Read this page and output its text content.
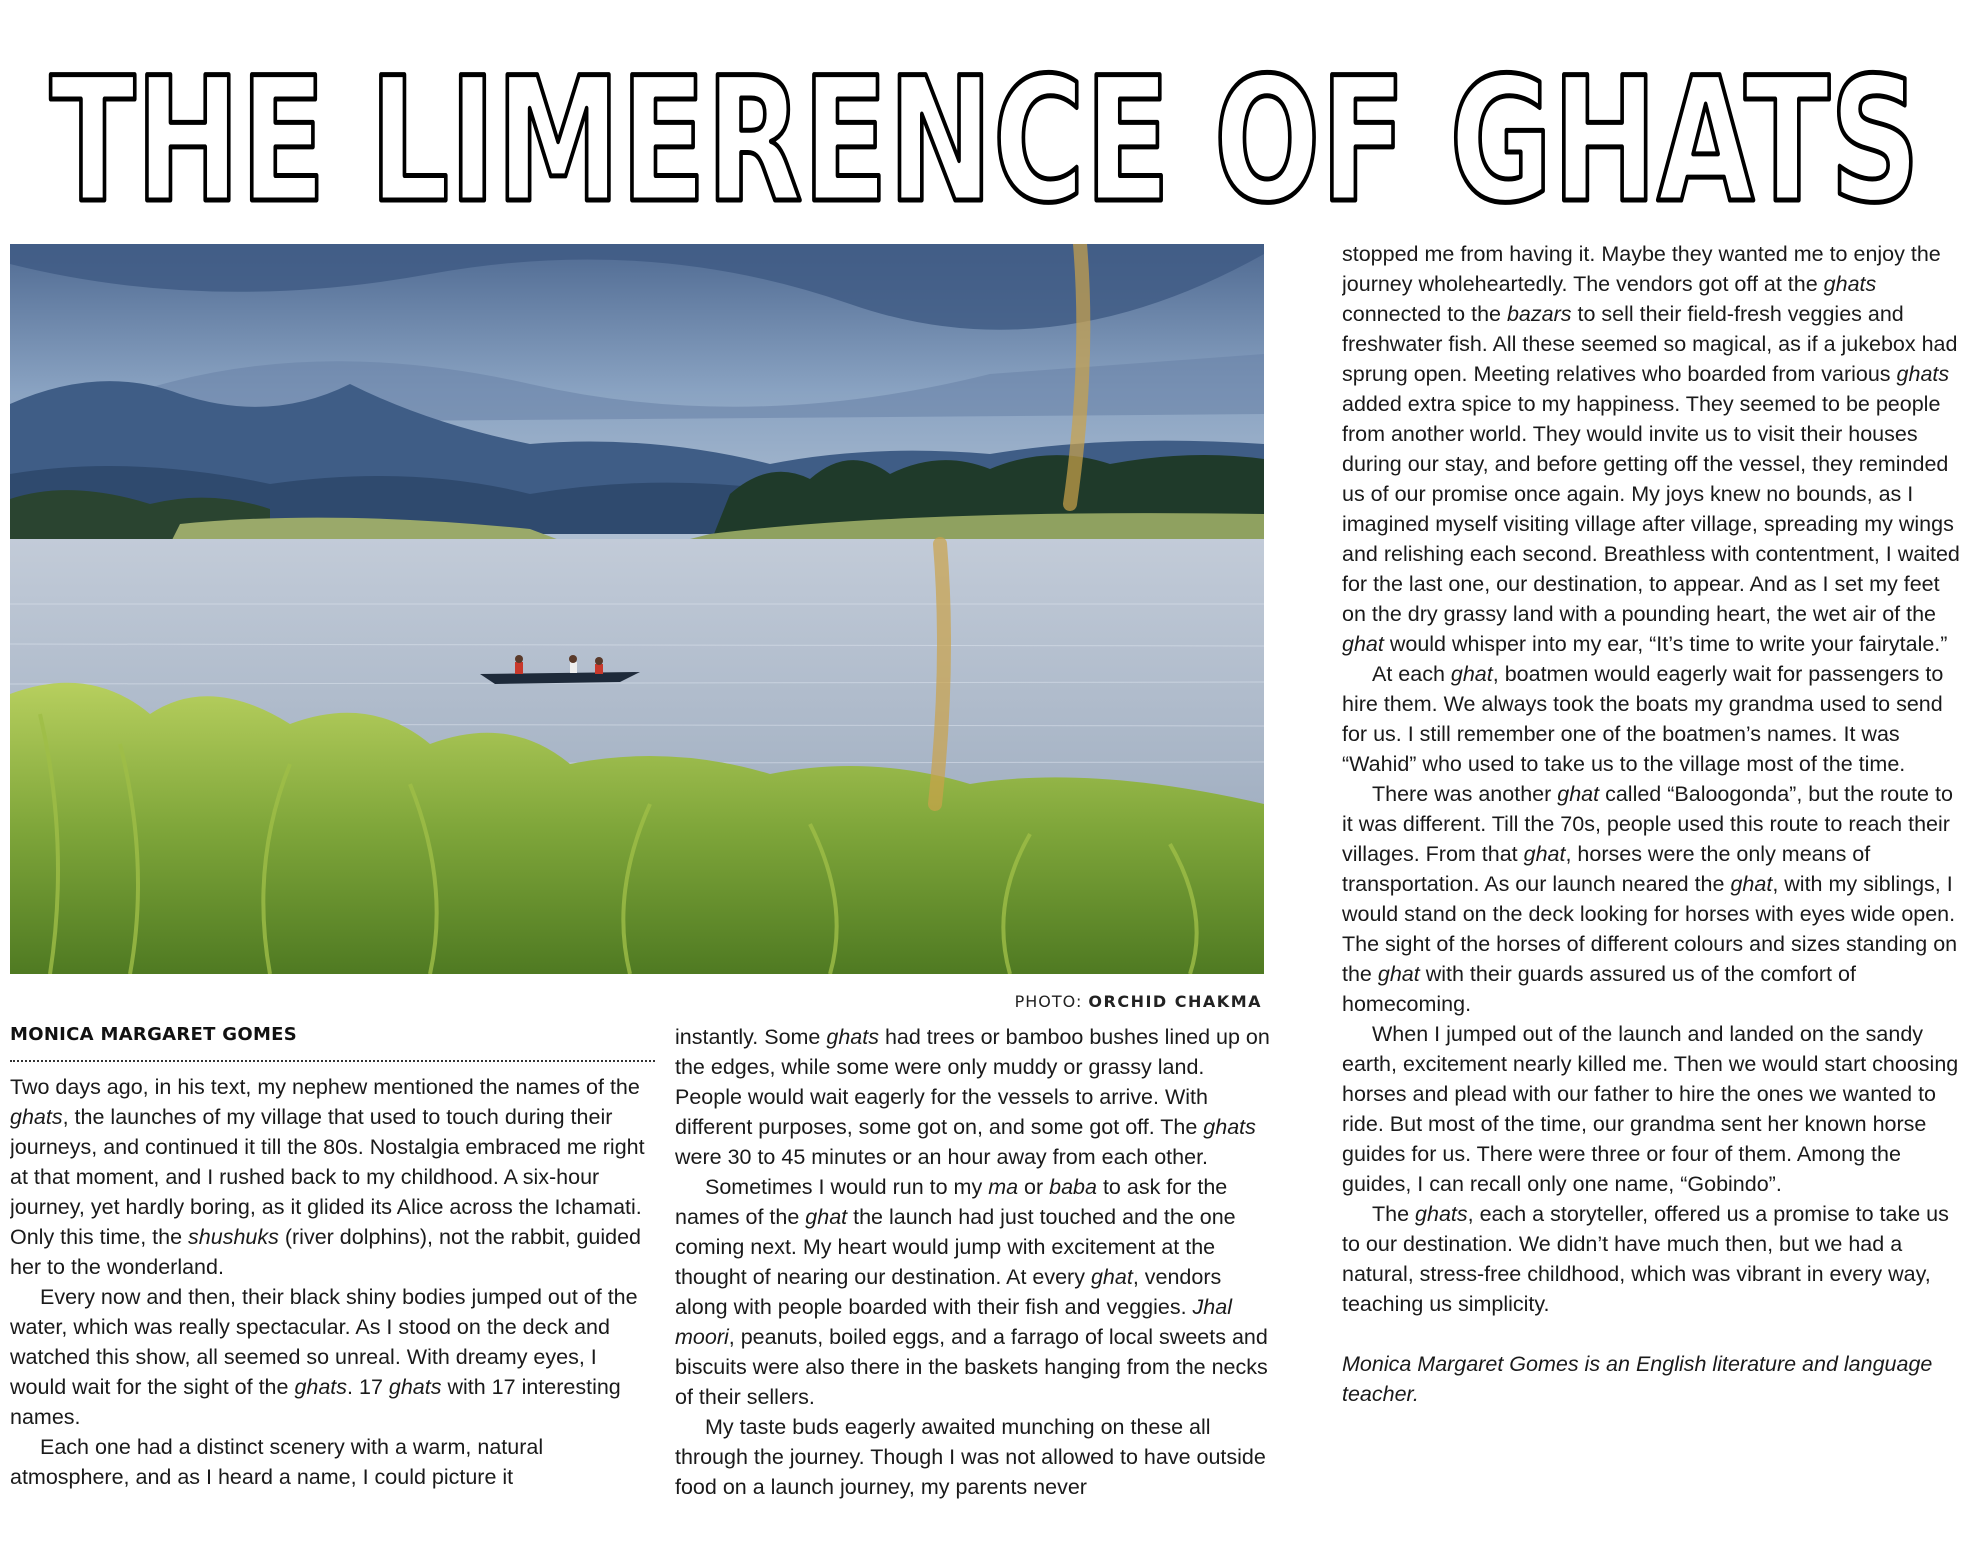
THE LIMERENCE OF GHATS
PHOTO: ORCHID CHAKMA
MONICA MARGARET GOMES

Two days ago, in his text, my nephew mentioned the names of the ghats, the launches of my village that used to touch during their journeys, and continued it till the 80s. Nostalgia embraced me right at that moment, and I rushed back to my childhood. A six-hour journey, yet hardly boring, as it glided its Alice across the Ichamati. Only this time, the shushuks (river dolphins), not the rabbit, guided her to the wonderland.

Every now and then, their black shiny bodies jumped out of the water, which was really spectacular. As I stood on the deck and watched this show, all seemed so unreal. With dreamy eyes, I would wait for the sight of the ghats. 17 ghats with 17 interesting names.

Each one had a distinct scenery with a warm, natural atmosphere, and as I heard a name, I could picture it

instantly. Some ghats had trees or bamboo bushes lined up on the edges, while some were only muddy or grassy land. People would wait eagerly for the vessels to arrive. With different purposes, some got on, and some got off. The ghats were 30 to 45 minutes or an hour away from each other.

Sometimes I would run to my ma or baba to ask for the names of the ghat the launch had just touched and the one coming next. My heart would jump with excitement at the thought of nearing our destination. At every ghat, vendors along with people boarded with their fish and veggies. Jhal moori, peanuts, boiled eggs, and a farrago of local sweets and biscuits were also there in the baskets hanging from the necks of their sellers.

My taste buds eagerly awaited munching on these all through the journey. Though I was not allowed to have outside food on a launch journey, my parents never

stopped me from having it. Maybe they wanted me to enjoy the journey wholeheartedly. The vendors got off at the ghats connected to the bazars to sell their field-fresh veggies and freshwater fish. All these seemed so magical, as if a jukebox had sprung open. Meeting relatives who boarded from various ghats added extra spice to my happiness. They seemed to be people from another world. They would invite us to visit their houses during our stay, and before getting off the vessel, they reminded us of our promise once again. My joys knew no bounds, as I imagined myself visiting village after village, spreading my wings and relishing each second. Breathless with contentment, I waited for the last one, our destination, to appear. And as I set my feet on the dry grassy land with a pounding heart, the wet air of the ghat would whisper into my ear, “It’s time to write your fairytale.”

At each ghat, boatmen would eagerly wait for passengers to hire them. We always took the boats my grandma used to send for us. I still remember one of the boatmen’s names. It was “Wahid” who used to take us to the village most of the time.

There was another ghat called “Baloogonda”, but the route to it was different. Till the 70s, people used this route to reach their villages. From that ghat, horses were the only means of transportation. As our launch neared the ghat, with my siblings, I would stand on the deck looking for horses with eyes wide open. The sight of the horses of different colours and sizes standing on the ghat with their guards assured us of the comfort of homecoming.

When I jumped out of the launch and landed on the sandy earth, excitement nearly killed me. Then we would start choosing horses and plead with our father to hire the ones we wanted to ride. But most of the time, our grandma sent her known horse guides for us. There were three or four of them. Among the guides, I can recall only one name, “Gobindo”.

The ghats, each a storyteller, offered us a promise to take us to our destination. We didn’t have much then, but we had a natural, stress-free childhood, which was vibrant in every way, teaching us simplicity.

Monica Margaret Gomes is an English literature and language teacher.
